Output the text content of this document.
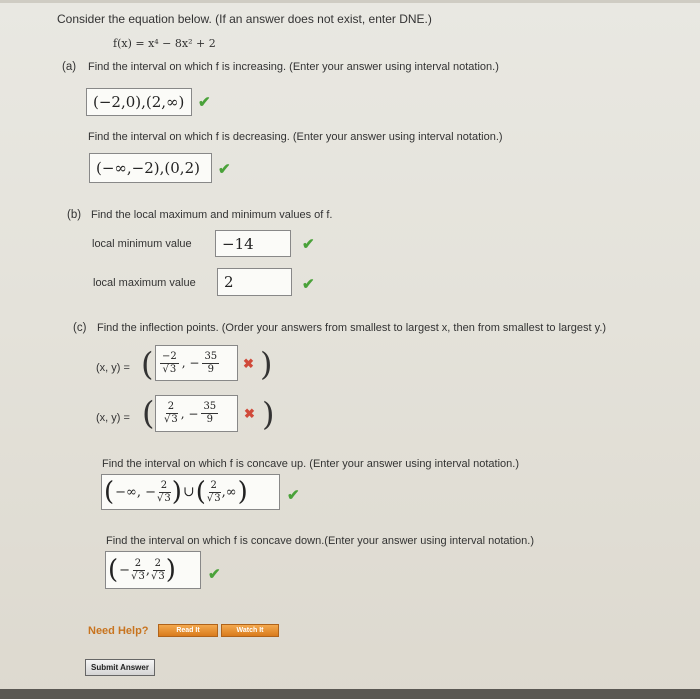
Consider the equation below. (If an answer does not exist, enter DNE.)
f(x) = x⁴ − 8x² + 2
(a) Find the interval on which f is increasing. (Enter your answer using interval notation.)
(−2,0),(2,∞) ✔
Find the interval on which f is decreasing. (Enter your answer using interval notation.)
(−∞,−2),(0,2)	✔
(b) Find the local maximum and minimum values of f.
local minimum value	−14	✔
local maximum value	2	✔
(c) Find the inflection points. (Order your answers from smallest to largest x, then from smallest to largest y.)
(x, y) = ( $\frac{-2}{√3}$ , − $\frac{35}{9}$ ✖ )
(x, y) = ( $\frac{2}{√3}$ , − $\frac{35}{9}$ ✖ )
Find the interval on which f is concave up. (Enter your answer using interval notation.)
( −∞, − $\frac{2}{√3}$ ) ∪ ( $\frac{2}{√3}$ ,∞ )	✔
Find the interval on which f is concave down.(Enter your answer using interval notation.)
( − $\frac{2}{√3}$ , $\frac{2}{√3}$ ) ✔
Need Help?	Read It	Watch It
Submit Answer
